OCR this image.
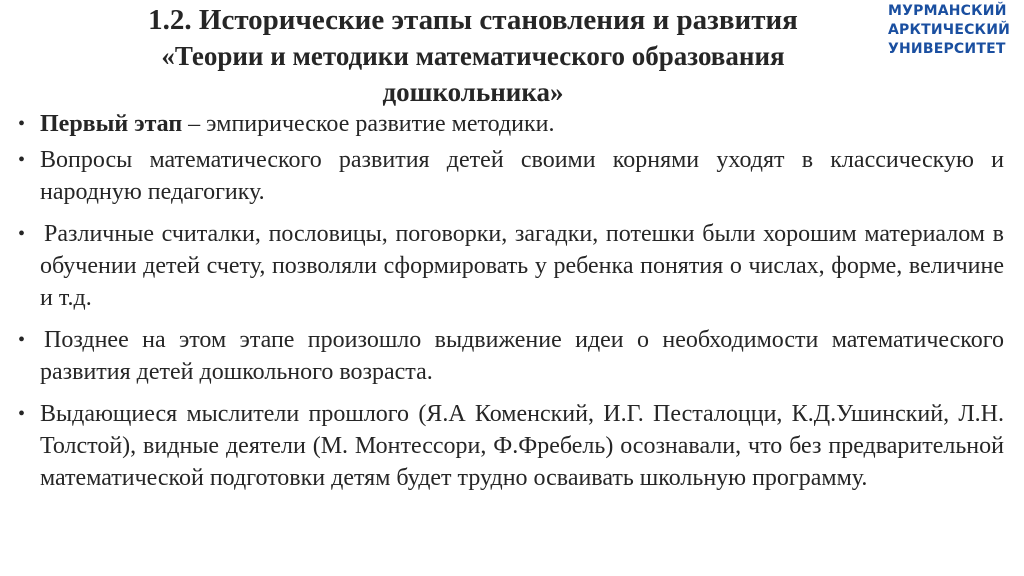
1.2. Исторические этапы становления и развития
«Теории и методики математического образования
дошкольника»
МУРМАНСКИЙ
АРКТИЧЕСКИЙ
УНИВЕРСИТЕТ
• Первый этап – эмпирическое развитие методики.
• Вопросы математического развития детей своими корнями уходят в классическую и народную педагогику.
• Различные считалки, пословицы, поговорки, загадки, потешки были хорошим материалом в обучении детей счету, позволяли сформировать у ребенка понятия о числах, форме, величине и т.д.
• Позднее на этом этапе произошло выдвижение идеи о необходимости математического развития детей дошкольного возраста.
• Выдающиеся мыслители прошлого (Я.А Коменский, И.Г. Песталоцци, К.Д.Ушинский, Л.Н. Толстой), видные деятели (М. Монтессори, Ф.Фребель) осознавали, что без предварительной математической подготовки детям будет трудно осваивать школьную программу.
